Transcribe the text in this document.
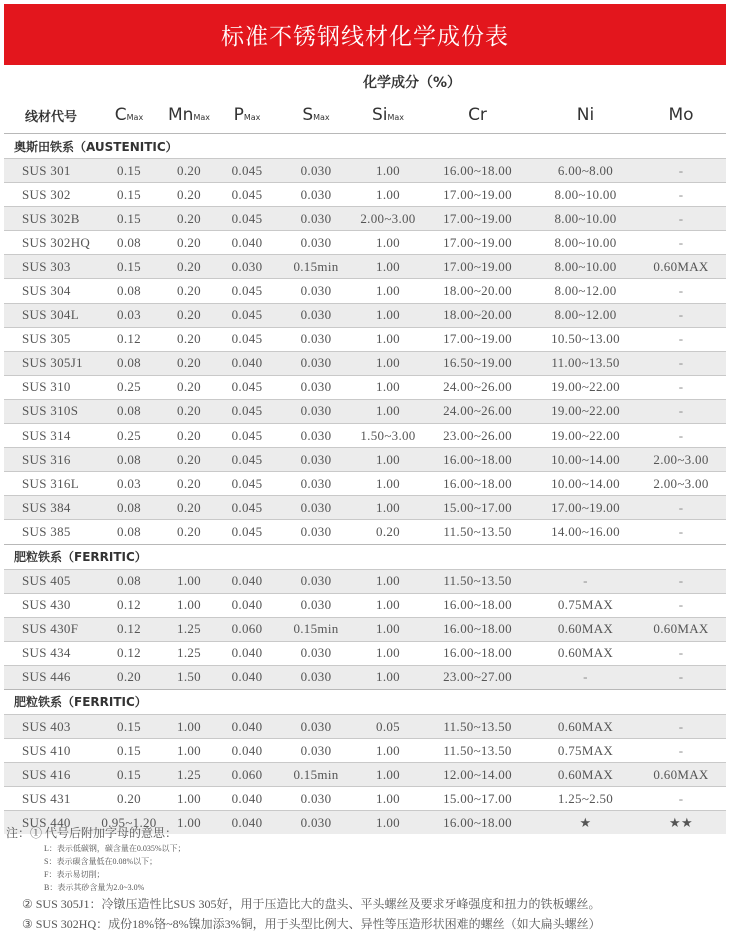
标准不锈钢线材化学成份表
线材代号	化学成分（%）							
	CMax	MnMax	PMax	SMax	SiMax	Cr	Ni	Mo
奥斯田铁系（AUSTENITIC）								
SUS 301	0.15	0.20	0.045	0.030	1.00	16.00~18.00	6.00~8.00	-
SUS 302	0.15	0.20	0.045	0.030	1.00	17.00~19.00	8.00~10.00	-
SUS 302B	0.15	0.20	0.045	0.030	2.00~3.00	17.00~19.00	8.00~10.00	-
SUS 302HQ	0.08	0.20	0.040	0.030	1.00	17.00~19.00	8.00~10.00	-
SUS 303	0.15	0.20	0.030	0.15min	1.00	17.00~19.00	8.00~10.00	0.60MAX
SUS 304	0.08	0.20	0.045	0.030	1.00	18.00~20.00	8.00~12.00	-
SUS 304L	0.03	0.20	0.045	0.030	1.00	18.00~20.00	8.00~12.00	-
SUS 305	0.12	0.20	0.045	0.030	1.00	17.00~19.00	10.50~13.00	-
SUS 305J1	0.08	0.20	0.040	0.030	1.00	16.50~19.00	11.00~13.50	-
SUS 310	0.25	0.20	0.045	0.030	1.00	24.00~26.00	19.00~22.00	-
SUS 310S	0.08	0.20	0.045	0.030	1.00	24.00~26.00	19.00~22.00	-
SUS 314	0.25	0.20	0.045	0.030	1.50~3.00	23.00~26.00	19.00~22.00	-
SUS 316	0.08	0.20	0.045	0.030	1.00	16.00~18.00	10.00~14.00	2.00~3.00
SUS 316L	0.03	0.20	0.045	0.030	1.00	16.00~18.00	10.00~14.00	2.00~3.00
SUS 384	0.08	0.20	0.045	0.030	1.00	15.00~17.00	17.00~19.00	-
SUS 385	0.08	0.20	0.045	0.030	0.20	11.50~13.50	14.00~16.00	-
肥粒铁系（FERRITIC）								
SUS 405	0.08	1.00	0.040	0.030	1.00	11.50~13.50	-	-
SUS 430	0.12	1.00	0.040	0.030	1.00	16.00~18.00	0.75MAX	-
SUS 430F	0.12	1.25	0.060	0.15min	1.00	16.00~18.00	0.60MAX	0.60MAX
SUS 434	0.12	1.25	0.040	0.030	1.00	16.00~18.00	0.60MAX	-
SUS 446	0.20	1.50	0.040	0.030	1.00	23.00~27.00	-	-
肥粒铁系（FERRITIC）								
SUS 403	0.15	1.00	0.040	0.030	0.05	11.50~13.50	0.60MAX	-
SUS 410	0.15	1.00	0.040	0.030	1.00	11.50~13.50	0.75MAX	-
SUS 416	0.15	1.25	0.060	0.15min	1.00	12.00~14.00	0.60MAX	0.60MAX
SUS 431	0.20	1.00	0.040	0.030	1.00	15.00~17.00	1.25~2.50	-
SUS 440	0.95~1.20	1.00	0.040	0.030	1.00	16.00~18.00	★	★★
注：① 代号后附加字母的意思：
L：表示低碳钢，碳含量在0.035%以下；
S：表示碳含量低在0.08%以下；
F：表示易切削；
B：表示其砂含量为2.0~3.0%
② SUS 305J1：冷镦压造性比SUS 305好，用于压造比大的盘头、平头螺丝及要求牙峰强度和扭力的铁板螺丝。
③ SUS 302HQ：成份18%铬~8%镍加添3%铜，用于头型比例大、异性等压造形状困难的螺丝（如大扁头螺丝）
